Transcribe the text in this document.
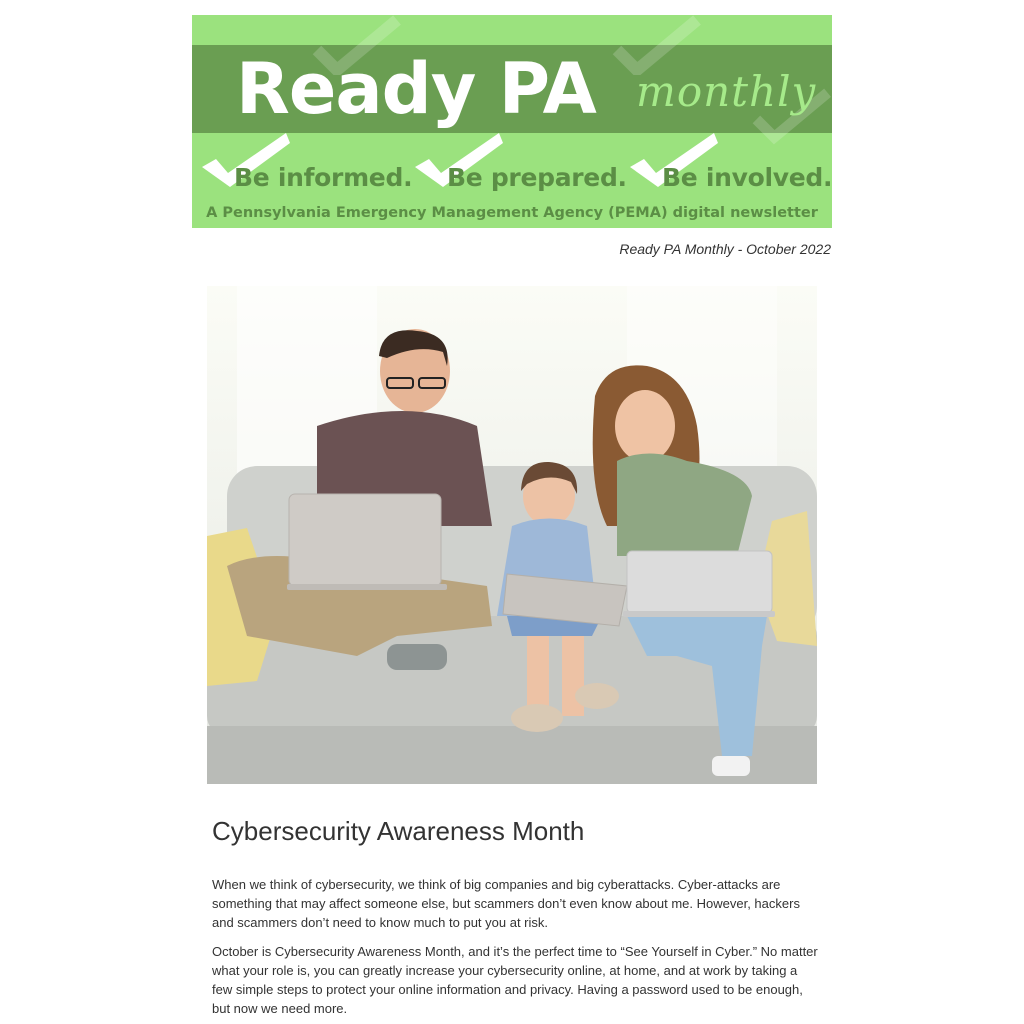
Ready PA monthly
Be informed. Be prepared. Be involved.
A Pennsylvania Emergency Management Agency (PEMA) digital newsletter
Ready PA Monthly - October 2022
Cybersecurity Awareness Month

When we think of cybersecurity, we think of big companies and big cyberattacks. Cyber-attacks are something that may affect someone else, but scammers don’t even know about me. However, hackers and scammers don’t need to know much to put you at risk.

October is Cybersecurity Awareness Month, and it’s the perfect time to “See Yourself in Cyber.” No matter what your role is, you can greatly increase your cybersecurity online, at home, and at work by taking a few simple steps to protect your online information and privacy. Having a password used to be enough, but now we need more.
